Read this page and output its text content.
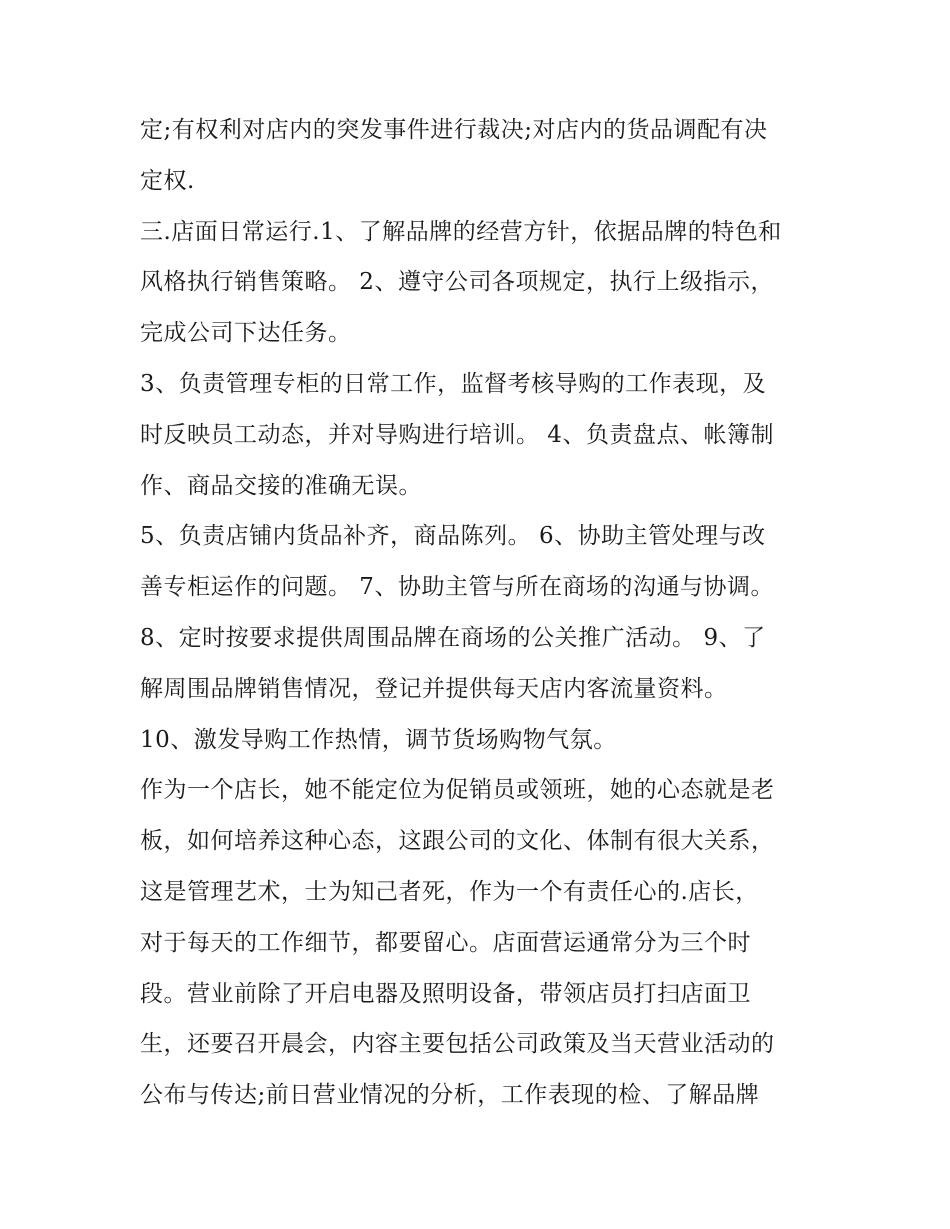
定;有权利对店内的突发事件进行裁决;对店内的货品调配有决
定权.
三.店面日常运行.1、了解品牌的经营方针，依据品牌的特色和
风格执行销售策略。 2、遵守公司各项规定，执行上级指示，
完成公司下达任务。
3、负责管理专柜的日常工作，监督考核导购的工作表现，及
时反映员工动态，并对导购进行培训。 4、负责盘点、帐簿制
作、商品交接的准确无误。
5、负责店铺内货品补齐，商品陈列。 6、协助主管处理与改
善专柜运作的问题。 7、协助主管与所在商场的沟通与协调。
8、定时按要求提供周围品牌在商场的公关推广活动。 9、了
解周围品牌销售情况，登记并提供每天店内客流量资料。
10、激发导购工作热情，调节货场购物气氛。
作为一个店长，她不能定位为促销员或领班，她的心态就是老
板，如何培养这种心态，这跟公司的文化、体制有很大关系，
这是管理艺术，士为知己者死，作为一个有责任心的.店长，
对于每天的工作细节，都要留心。店面营运通常分为三个时
段。营业前除了开启电器及照明设备，带领店员打扫店面卫
生，还要召开晨会，内容主要包括公司政策及当天营业活动的
公布与传达;前日营业情况的分析，工作表现的检、了解品牌
